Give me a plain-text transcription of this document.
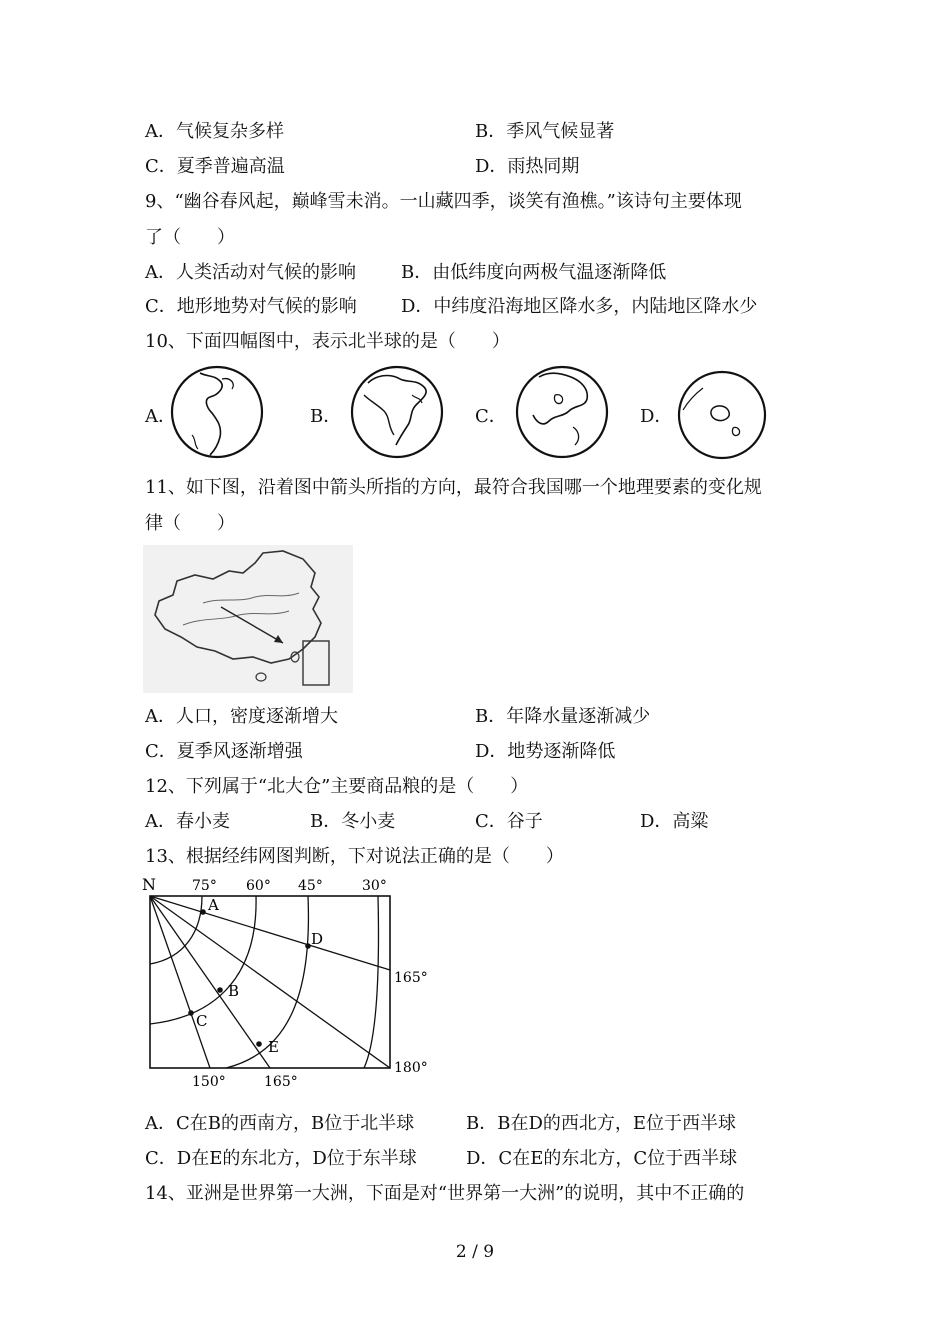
A．气候复杂多样	B．季风气候显著
C．夏季普遍高温	D．雨热同期
9、“幽谷春风起，巅峰雪未消。一山藏四季，谈笑有渔樵。”该诗句主要体现
了（　　）
A．人类活动对气候的影响	B．由低纬度向两极气温逐渐降低
C．地形地势对气候的影响 D．中纬度沿海地区降水多，内陆地区降水少
10、下面四幅图中，表示北半球的是（　　）
A．	B．	C．	D．
11、如下图，沿着图中箭头所指的方向，最符合我国哪一个地理要素的变化规
律（　　）
A．人口，密度逐渐增大	B．年降水量逐渐减少
C．夏季风逐渐增强	D．地势逐渐降低
12、下列属于“北大仓”主要商品粮的是（　　）
A．春小麦	B．冬小麦	C．谷子	D．高粱
13、根据经纬网图判断，下对说法正确的是（　　）
N	75° 60° 45°	30°
165°
180°
150°	165°
A
B
C
D
E
A．C在B的西南方，B位于北半球	B．B在D的西北方，E位于西半球
C．D在E的东北方，D位于东半球	D．C在E的东北方，C位于西半球
14、亚洲是世界第一大洲，下面是对“世界第一大洲”的说明，其中不正确的
2 / 9
